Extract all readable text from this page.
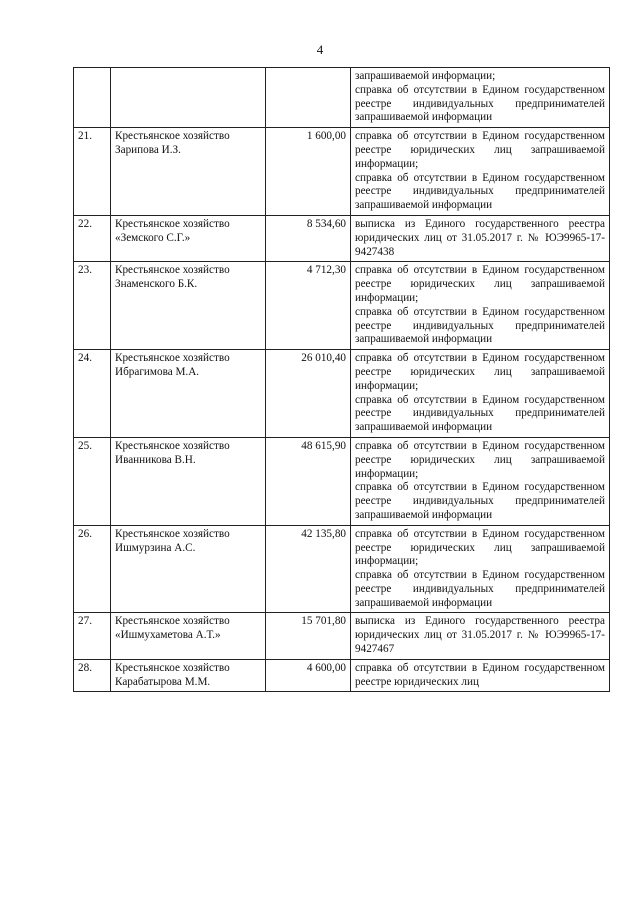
4

			запрашиваемой информации;
справка об отсутствии в Едином государственном реестре индивидуальных предпринимателей запрашиваемой информации

21.	Крестьянское хозяйство Зарипова И.З.	1 600,00	справка об отсутствии в Едином государственном реестре юридических лиц запрашиваемой информации;
справка об отсутствии в Едином государственном реестре индивидуальных предпринимателей запрашиваемой информации

22.	Крестьянское хозяйство «Земского С.Г.»	8 534,60	выписка из Единого государственного реестра юридических лиц от 31.05.2017 г. № ЮЭ9965-17-9427438

23.	Крестьянское хозяйство Знаменского Б.К.	4 712,30	справка об отсутствии в Едином государственном реестре юридических лиц запрашиваемой информации;
справка об отсутствии в Едином государственном реестре индивидуальных предпринимателей запрашиваемой информации

24.	Крестьянское хозяйство Ибрагимова М.А.	26 010,40	справка об отсутствии в Едином государственном реестре юридических лиц запрашиваемой информации;
справка об отсутствии в Едином государственном реестре индивидуальных предпринимателей запрашиваемой информации

25.	Крестьянское хозяйство Иванникова В.Н.	48 615,90	справка об отсутствии в Едином государственном реестре юридических лиц запрашиваемой информации;
справка об отсутствии в Едином государственном реестре индивидуальных предпринимателей запрашиваемой информации

26.	Крестьянское хозяйство Ишмурзина А.С.	42 135,80	справка об отсутствии в Едином государственном реестре юридических лиц запрашиваемой информации;
справка об отсутствии в Едином государственном реестре индивидуальных предпринимателей запрашиваемой информации

27.	Крестьянское хозяйство «Ишмухаметова А.Т.»	15 701,80	выписка из Единого государственного реестра юридических лиц от 31.05.2017 г. № ЮЭ9965-17-9427467

28.	Крестьянское хозяйство Карабатырова М.М.	4 600,00	справка об отсутствии в Едином государственном реестре юридических лиц
